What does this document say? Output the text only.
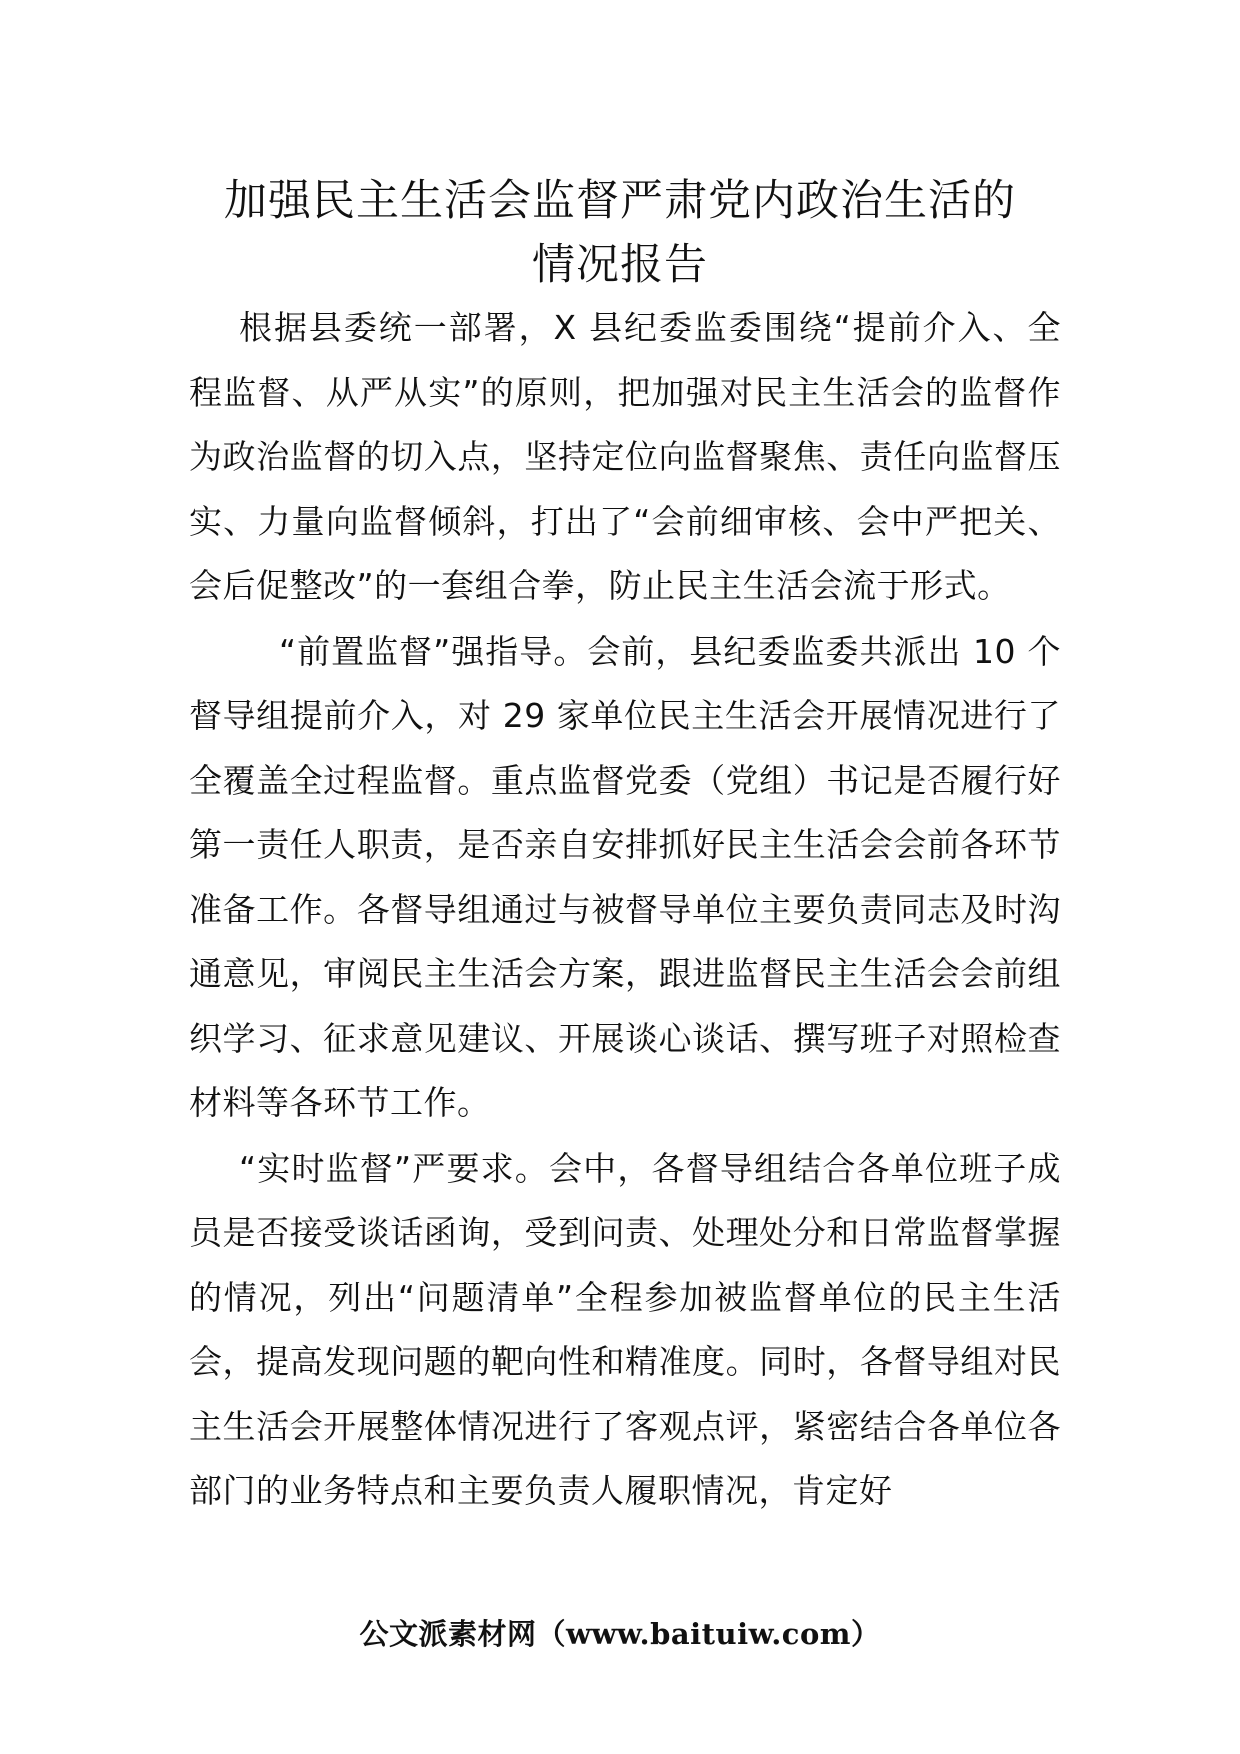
加强民主生活会监督严肃党内政治生活的
情况报告

根据县委统一部署，X 县纪委监委围绕“提前介入、全程监督、从严从实”的原则，把加强对民主生活会的监督作为政治监督的切入点，坚持定位向监督聚焦、责任向监督压实、力量向监督倾斜，打出了“会前细审核、会中严把关、会后促整改”的一套组合拳，防止民主生活会流于形式。

“前置监督”强指导。会前，县纪委监委共派出 10 个督导组提前介入，对 29 家单位民主生活会开展情况进行了全覆盖全过程监督。重点监督党委（党组）书记是否履行好第一责任人职责，是否亲自安排抓好民主生活会会前各环节准备工作。各督导组通过与被督导单位主要负责同志及时沟通意见，审阅民主生活会方案，跟进监督民主生活会会前组织学习、征求意见建议、开展谈心谈话、撰写班子对照检查材料等各环节工作。

“实时监督”严要求。会中，各督导组结合各单位班子成员是否接受谈话函询，受到问责、处理处分和日常监督掌握的情况，列出“问题清单”全程参加被监督单位的民主生活会，提高发现问题的靶向性和精准度。同时，各督导组对民主生活会开展整体情况进行了客观点评，紧密结合各单位各部门的业务特点和主要负责人履职情况，肯定好

公文派素材网（www.baituiw.com）
